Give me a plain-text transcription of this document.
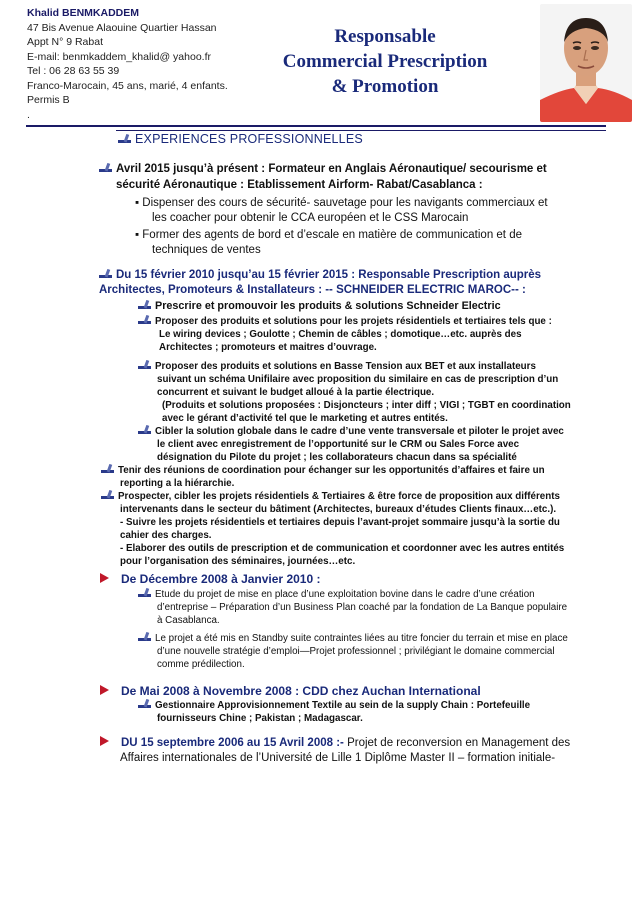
Khalid BENMKADDEM
47 Bis Avenue Alaouine Quartier Hassan
Appt N° 9 Rabat
E-mail: benmkaddem_khalid@ yahoo.fr
Tel : 06 28 63 55 39
Franco-Marocain, 45 ans, marié, 4 enfants.
Permis B
.
Responsable
Commercial Prescription
& Promotion
EXPERIENCES PROFESSIONNELLES
Avril 2015 jusqu’à présent : Formateur en Anglais Aéronautique/ secourisme et
sécurité Aéronautique : Etablissement Airform- Rabat/Casablanca :
▪ Dispenser des cours de sécurité- sauvetage pour les navigants commerciaux et
les coacher pour obtenir le CCA européen et le CSS Marocain
▪ Former des agents de bord et d’escale en matière de communication et de
techniques de ventes
Du 15 février 2010 jusqu’au 15 février 2015 : Responsable Prescription auprès
Architectes, Promoteurs & Installateurs : -- SCHNEIDER ELECTRIC MAROC-- :
Prescrire et promouvoir les produits & solutions Schneider Electric
Proposer des produits et solutions pour les projets résidentiels et tertiaires tels que :
Le wiring devices ; Goulotte ; Chemin de câbles ; domotique…etc. auprès des
Architectes ; promoteurs et maitres d’ouvrage.
Proposer des produits et solutions en Basse Tension aux BET et aux installateurs
suivant un schéma Unifilaire avec proposition du similaire en cas de prescription d’un
concurrent et suivant le budget alloué à la partie électrique.
(Produits et solutions proposées : Disjoncteurs ; inter diff ; VIGI ; TGBT en coordination
avec le gérant d’activité tel que le marketing et autres entités.
Cibler la solution globale dans le cadre d’une vente transversale et piloter le projet avec
le client avec enregistrement de l’opportunité sur le CRM ou Sales Force avec
désignation du Pilote du projet ; les collaborateurs chacun dans sa spécialité
Tenir des réunions de coordination pour échanger sur les opportunités d’affaires et faire un
reporting a la hiérarchie.
Prospecter, cibler les projets résidentiels & Tertiaires & être force de proposition aux différents
intervenants dans le secteur du bâtiment (Architectes, bureaux d’études Clients finaux…etc.).
- Suivre les projets résidentiels et tertiaires depuis l’avant-projet sommaire jusqu’à la sortie du
cahier des charges.
- Elaborer des outils de prescription et de communication et coordonner avec les autres entités
pour l’organisation des séminaires, journées…etc.
De Décembre 2008 à Janvier 2010 :
Etude du projet de mise en place d’une exploitation bovine dans le cadre d’une création
d’entreprise – Préparation d’un Business Plan coaché par la fondation de La Banque populaire
à Casablanca.
Le projet a été mis en Standby suite contraintes liées au titre foncier du terrain et mise en place
d’une nouvelle stratégie d’emploi—Projet professionnel ; privilégiant le domaine commercial
comme prédilection.
De Mai 2008 à Novembre 2008 : CDD chez Auchan International
Gestionnaire Approvisionnement Textile au sein de la supply Chain : Portefeuille
fournisseurs Chine ; Pakistan ; Madagascar.
DU 15 septembre 2006 au 15 Avril 2008 :- Projet de reconversion en Management des
Affaires internationales de l’Université de Lille 1 Diplôme Master II – formation initiale-
